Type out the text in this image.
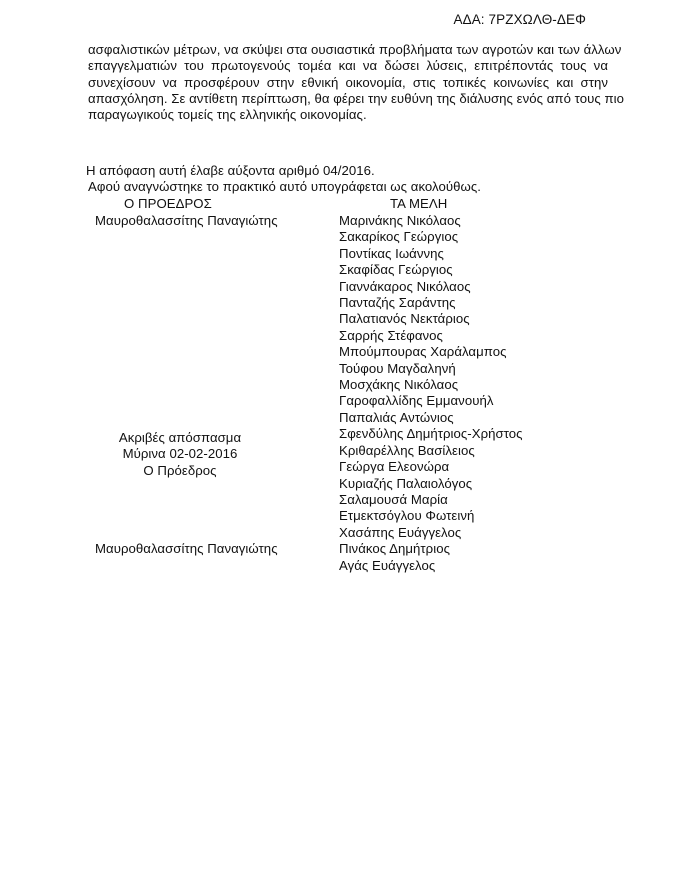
ΑΔΑ: 7ΡΖΧΩΛΘ-ΔΕΦ
ασφαλιστικών μέτρων, να σκύψει στα ουσιαστικά προβλήματα των αγροτών και των άλλων
επαγγελματιών του πρωτογενούς τομέα και να δώσει λύσεις, επιτρέποντάς τους να
συνεχίσουν να προσφέρουν στην εθνική οικονομία, στις τοπικές κοινωνίες και στην
απασχόληση. Σε αντίθετη περίπτωση, θα φέρει την ευθύνη της διάλυσης ενός από τους πιο
παραγωγικούς τομείς της ελληνικής οικονομίας.
Η απόφαση αυτή έλαβε αύξοντα αριθμό 04/2016.
Αφού αναγνώστηκε το πρακτικό αυτό υπογράφεται ως ακολούθως.
Ο ΠΡΟΕΔΡΟΣ	ΤΑ ΜΕΛΗ
Μαυροθαλασσίτης Παναγιώτης	Μαρινάκης Νικόλαος
Σακαρίκος Γεώργιος
Ποντίκας Ιωάννης
Σκαφίδας Γεώργιος
Γιαννάκαρος Νικόλαος
Πανταζής Σαράντης
Παλατιανός Νεκτάριος
Σαρρής Στέφανος
Μπούμπουρας Χαράλαμπος
Τούφου Μαγδαληνή
Μοσχάκης Νικόλαος
Γαροφαλλίδης Εμμανουήλ
Παπαλιάς Αντώνιος
Σφενδύλης Δημήτριος-Χρήστος
Κριθαρέλλης Βασίλειος
Γεώργα Ελεονώρα
Κυριαζής Παλαιολόγος
Σαλαμουσά Μαρία
Ετμεκτσόγλου Φωτεινή
Χασάπης Ευάγγελος
Πινάκος Δημήτριος
Αγάς Ευάγγελος
Ακριβές απόσπασμα
Μύρινα 02-02-2016
Ο Πρόεδρος
Μαυροθαλασσίτης Παναγιώτης
